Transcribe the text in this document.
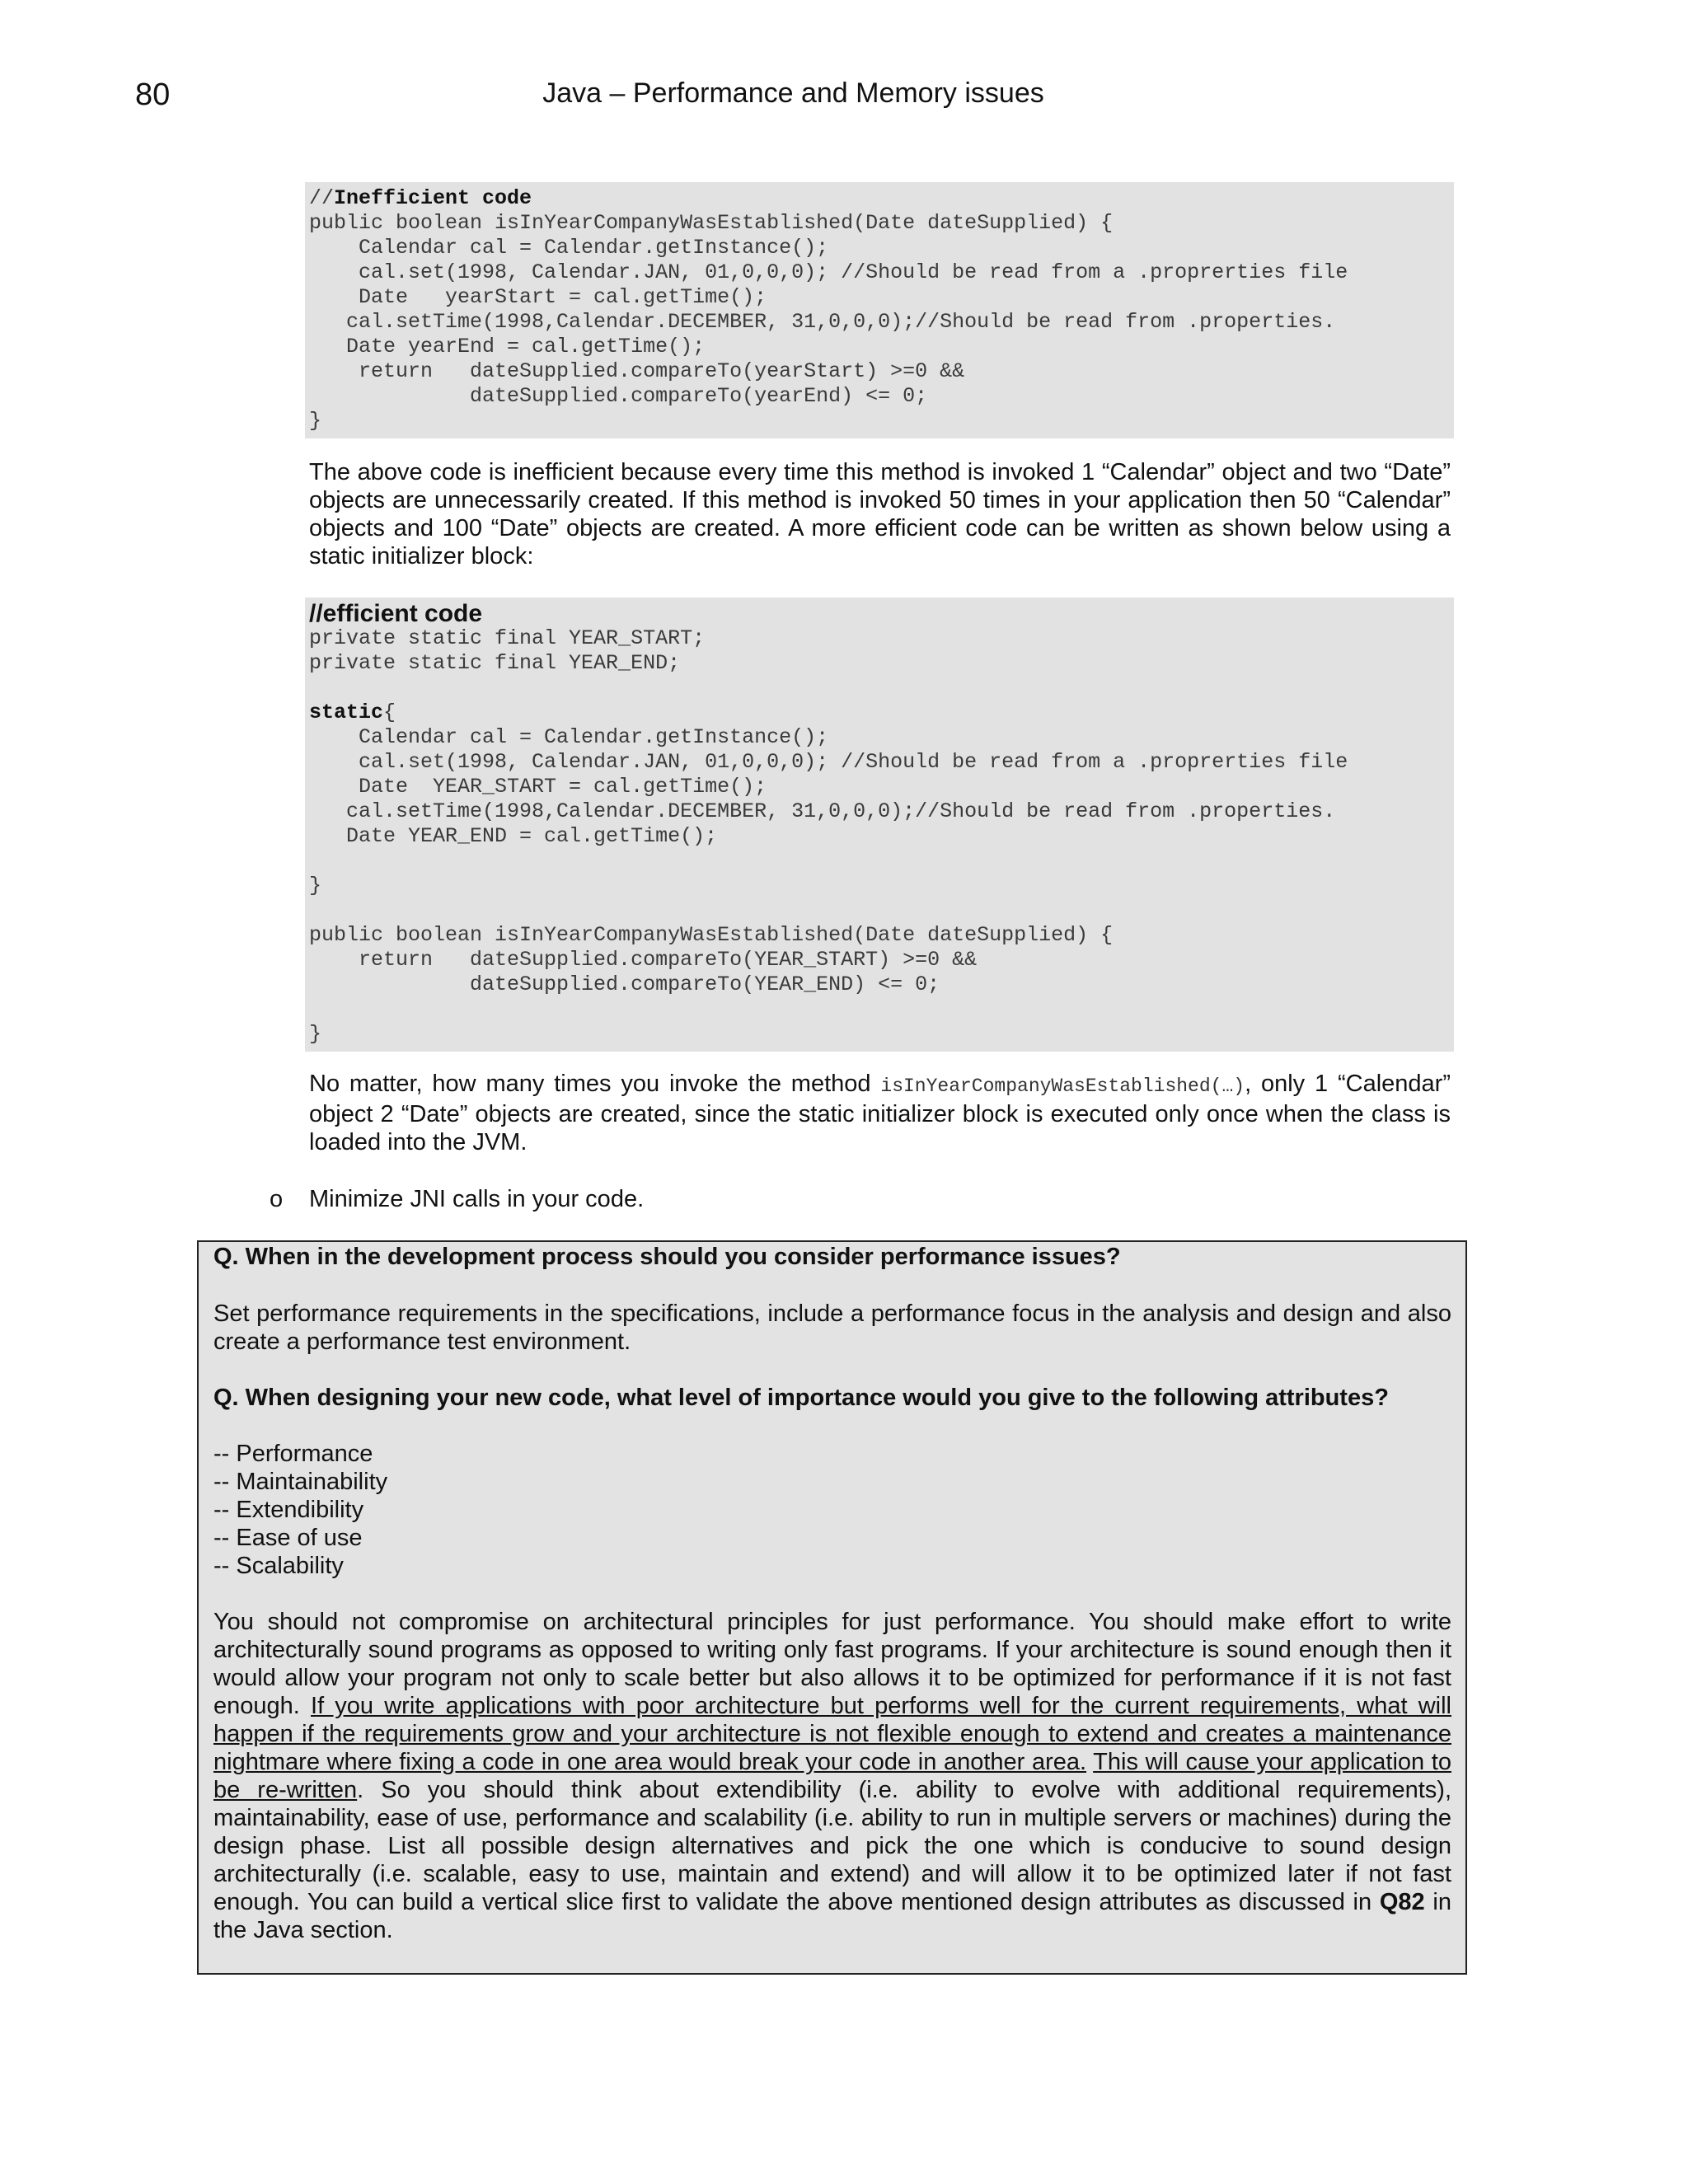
80	Java – Performance and Memory issues
//Inefficient code
public boolean isInYearCompanyWasEstablished(Date dateSupplied) {
Calendar cal = Calendar.getInstance();
cal.set(1998, Calendar.JAN, 01,0,0,0); //Should be read from a .proprerties file
Date   yearStart = cal.getTime();
cal.setTime(1998,Calendar.DECEMBER, 31,0,0,0);//Should be read from .properties.
Date yearEnd = cal.getTime();
return   dateSupplied.compareTo(yearStart) >=0 &&
dateSupplied.compareTo(yearEnd) <= 0;
}

The above code is inefficient because every time this method is invoked 1 “Calendar” object and two “Date” objects are unnecessarily created. If this method is invoked 50 times in your application then 50 “Calendar” objects and 100 “Date” objects are created. A more efficient code can be written as shown below using a static initializer block:

//efficient code
private static final YEAR_START;
private static final YEAR_END;

static{
Calendar cal = Calendar.getInstance();
cal.set(1998, Calendar.JAN, 01,0,0,0); //Should be read from a .proprerties file
Date  YEAR_START = cal.getTime();
cal.setTime(1998,Calendar.DECEMBER, 31,0,0,0);//Should be read from .properties.
Date YEAR_END = cal.getTime();

}

public boolean isInYearCompanyWasEstablished(Date dateSupplied) {
return   dateSupplied.compareTo(YEAR_START) >=0 &&
dateSupplied.compareTo(YEAR_END) <= 0;

}

No matter, how many times you invoke the method isInYearCompanyWasEstablished(…), only 1 “Calendar” object 2 “Date” objects are created, since the static initializer block is executed only once when the class is loaded into the JVM.

o Minimize JNI calls in your code.

Q. When in the development process should you consider performance issues?

Set performance requirements in the specifications, include a performance focus in the analysis and design and also create a performance test environment.

Q. When designing your new code, what level of importance would you give to the following attributes?

-- Performance

-- Maintainability

-- Extendibility

-- Ease of use

-- Scalability

You should not compromise on architectural principles for just performance. You should make effort to write architecturally sound programs as opposed to writing only fast programs. If your architecture is sound enough then it would allow your program not only to scale better but also allows it to be optimized for performance if it is not fast enough. If you write applications with poor architecture but performs well for the current requirements, what will happen if the requirements grow and your architecture is not flexible enough to extend and creates a maintenance nightmare where fixing a code in one area would break your code in another area. This will cause your application to be re-written. So you should think about extendibility (i.e. ability to evolve with additional requirements), maintainability, ease of use, performance and scalability (i.e. ability to run in multiple servers or machines) during the design phase. List all possible design alternatives and pick the one which is conducive to sound design architecturally (i.e. scalable, easy to use, maintain and extend) and will allow it to be optimized later if not fast enough. You can build a vertical slice first to validate the above mentioned design attributes as discussed in Q82 in the Java section.
